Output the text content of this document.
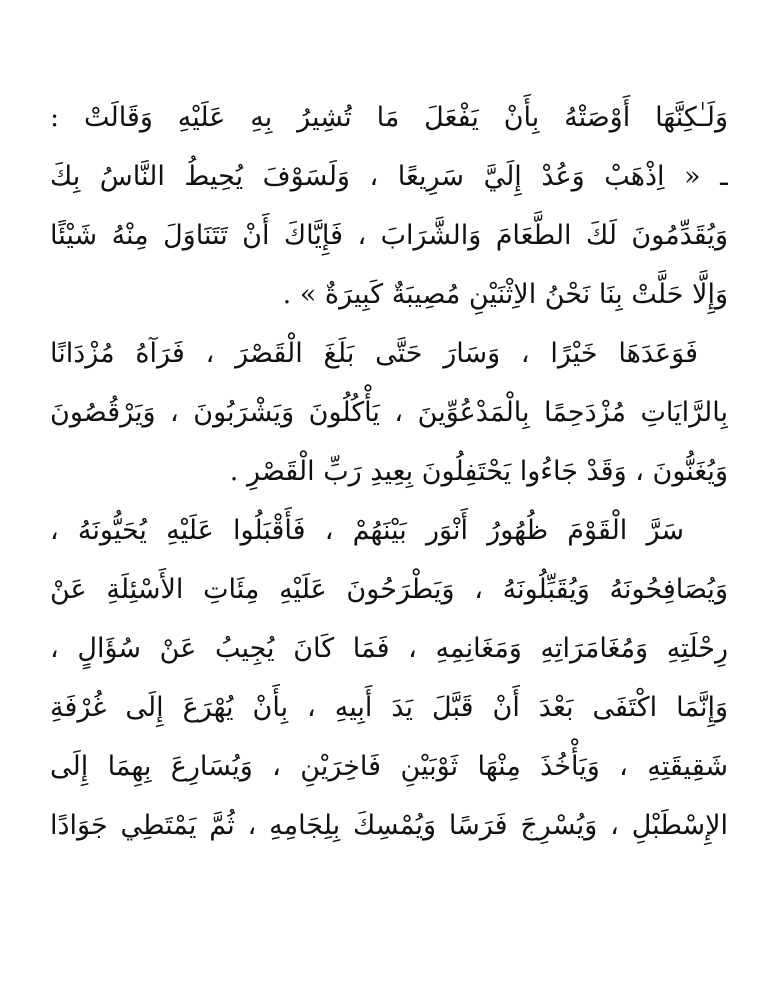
وَلَـٰكِنَّهَا أَوْصَتْهُ بِأَنْ يَفْعَلَ مَا تُشِيرُ بِهِ عَلَيْهِ وَقَالَتْ :
ـ « اِذْهَبْ وَعُدْ إِلَيَّ سَرِيعًا ، وَلَسَوْفَ يُحِيطُ النَّاسُ بِكَ
وَيُقَدِّمُونَ لَكَ الطَّعَامَ وَالشَّرَابَ ، فَإِيَّاكَ أَنْ تَتَنَاوَلَ مِنْهُ شَيْئًا
وَإِلَّا حَلَّتْ بِنَا نَحْنُ الاِثْنَيْنِ مُصِيبَةٌ كَبِيرَةٌ » .
فَوَعَدَهَا خَيْرًا ، وَسَارَ حَتَّى بَلَغَ الْقَصْرَ ، فَرَآهُ مُزْدَانًا
بِالرَّايَاتِ مُزْدَحِمًا بِالْمَدْعُوِّينَ ، يَأْكُلُونَ وَيَشْرَبُونَ ، وَيَرْقُصُونَ
وَيُغَنُّونَ ، وَقَدْ جَاءُوا يَحْتَفِلُونَ بِعِيدِ رَبِّ الْقَصْرِ .
سَرَّ الْقَوْمَ ظُهُورُ أَنْوَر بَيْنَهُمْ ، فَأَقْبَلُوا عَلَيْهِ يُحَيُّونَهُ ،
وَيُصَافِحُونَهُ وَيُقَبِّلُونَهُ ، وَيَطْرَحُونَ عَلَيْهِ مِئَاتِ الأَسْئِلَةِ عَنْ
رِحْلَتِهِ وَمُغَامَرَاتِهِ وَمَغَانِمِهِ ، فَمَا كَانَ يُجِيبُ عَنْ سُؤَالٍ ،
وَإِنَّمَا اكْتَفَى بَعْدَ أَنْ قَبَّلَ يَدَ أَبِيهِ ، بِأَنْ يُهْرَعَ إِلَى غُرْفَةِ
شَقِيقَتِهِ ، وَيَأْخُذَ مِنْهَا ثَوْبَيْنِ فَاخِرَيْنِ ، وَيُسَارِعَ بِهِمَا إِلَى
الإِسْطَبْلِ ، وَيُسْرِجَ فَرَسًا وَيُمْسِكَ بِلِجَامِهِ ، ثُمَّ يَمْتَطِي جَوَادًا
